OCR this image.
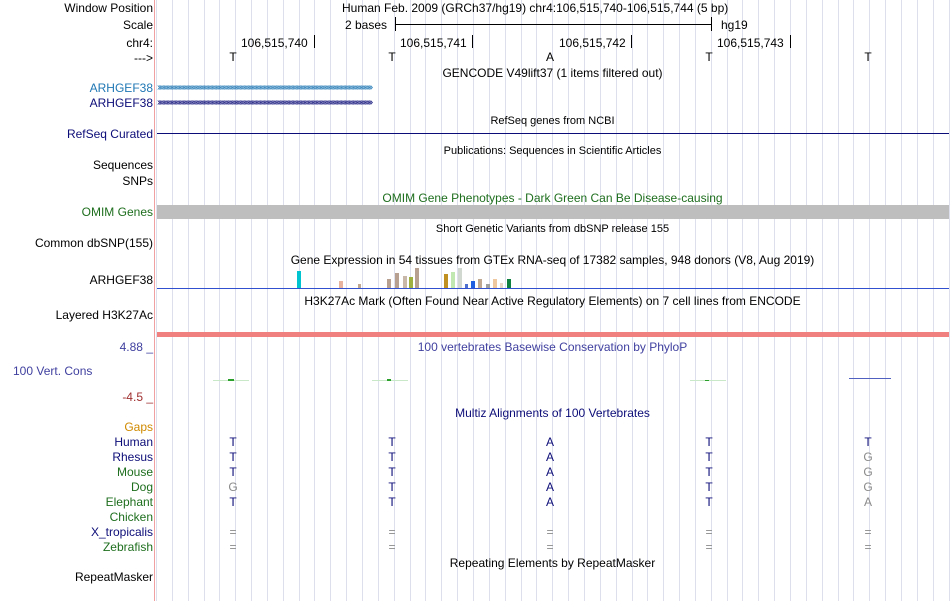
Window Position	Human Feb. 2009 (GRCh37/hg19) chr4:106,515,740-106,515,744 (5 bp)
Scale	2 bases	hg19
chr4:	106,515,740	106,515,741	106,515,742	106,515,743
--->	T	T	A	T	T
GENCODE V49lift37 (1 items filtered out)
ARHGEF38 ›››››››››››››››››››››››››››››››››››››››››››››››››››››››››››››››››››››››››››››››››››››››››››››››››››››››››››››››››››››››››››››››››››››››››››››››››››››››››››››››››
ARHGEF38 ›››››››››››››››››››››››››››››››››››››››››››››››››››››››››››››››››››››››››››››››››››››››››››››››››››››››››››››››››››››››››››››››››››››››››››››››››››››››››››››››››
RefSeq genes from NCBI
RefSeq Curated
Publications: Sequences in Scientific Articles
Sequences
SNPs
OMIM Gene Phenotypes - Dark Green Can Be Disease-causing
OMIM Genes
Short Genetic Variants from dbSNP release 155
Common dbSNP(155)
Gene Expression in 54 tissues from GTEx RNA-seq of 17382 samples, 948 donors (V8, Aug 2019)
ARHGEF38
H3K27Ac Mark (Often Found Near Active Regulatory Elements) on 7 cell lines from ENCODE
Layered H3K27Ac
4.88 _	100 vertebrates Basewise Conservation by PhyloP
100 Vert. Cons
-4.5 _
Multiz Alignments of 100 Vertebrates
Gaps
Human	T	T	A	T	T
Rhesus	T	T	A	T	G
Mouse	T	T	A	T	G
Dog	G	T	A	T	G
Elephant	T	T	A	T	A
Chicken
X_tropicalis	=	=	=	=	=
Zebrafish	=	=	=	=	=
Repeating Elements by RepeatMasker
RepeatMasker
